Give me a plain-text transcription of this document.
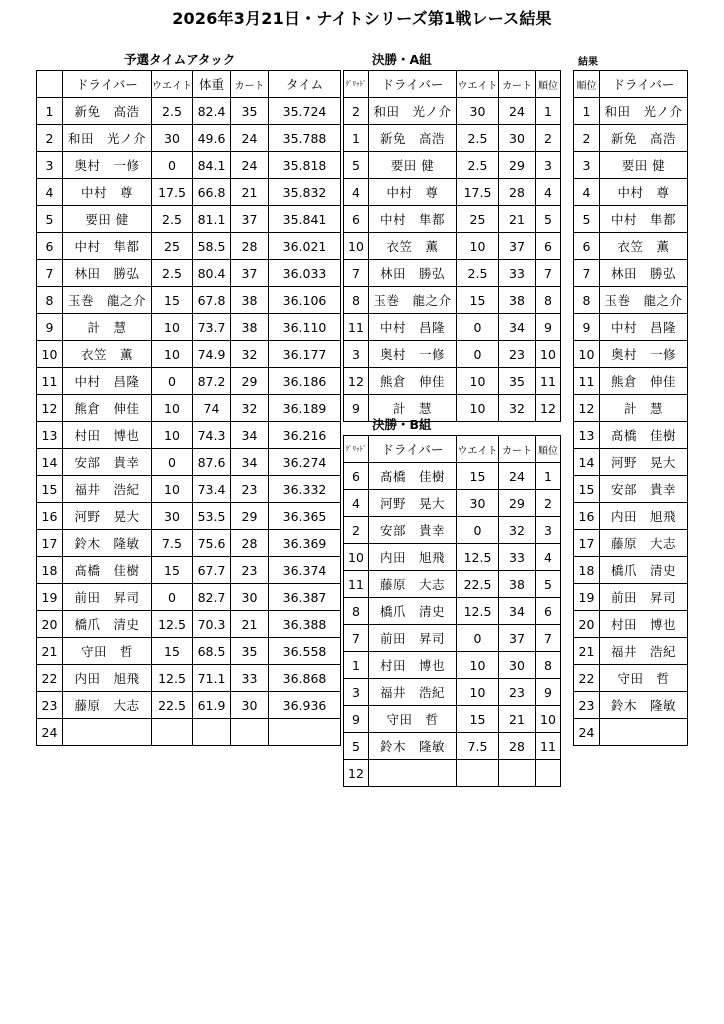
2026年3月21日・ナイトシリーズ第1戦レース結果
予選タイムアタック
	ドライバー	ウエイト	体重	カート	タイム
1	新免　高浩	2.5	82.4	35	35.724
2	和田　光ノ介	30	49.6	24	35.788
3	奥村　一修	0	84.1	24	35.818
4	中村　尊	17.5	66.8	21	35.832
5	要田 健	2.5	81.1	37	35.841
6	中村　隼都	25	58.5	28	36.021
7	林田　勝弘	2.5	80.4	37	36.033
8	玉巻　龍之介	15	67.8	38	36.106
9	計　慧	10	73.7	38	36.110
10	衣笠　薫	10	74.9	32	36.177
11	中村　昌隆	0	87.2	29	36.186
12	熊倉　伸佳	10	74	32	36.189
13	村田　博也	10	74.3	34	36.216
14	安部　貴幸	0	87.6	34	36.274
15	福井　浩紀	10	73.4	23	36.332
16	河野　晃大	30	53.5	29	36.365
17	鈴木　隆敏	7.5	75.6	28	36.369
18	髙橋　佳樹	15	67.7	23	36.374
19	前田　昇司	0	82.7	30	36.387
20	橋爪　清史	12.5	70.3	21	36.388
21	守田　哲	15	68.5	35	36.558
22	内田　旭飛	12.5	71.1	33	36.868
23	藤原　大志	22.5	61.9	30	36.936
24					
決勝・A組
ｸﾞﾘｯﾄﾞ	ドライバー	ウエイト	カート	順位
2	和田　光ノ介	30	24	1
1	新免　高浩	2.5	30	2
5	要田 健	2.5	29	3
4	中村　尊	17.5	28	4
6	中村　隼都	25	21	5
10	衣笠　薫	10	37	6
7	林田　勝弘	2.5	33	7
8	玉巻　龍之介	15	38	8
11	中村　昌隆	0	34	9
3	奥村　一修	0	23	10
12	熊倉　伸佳	10	35	11
9	計　慧	10	32	12
決勝・B組
ｸﾞﾘｯﾄﾞ	ドライバー	ウエイト	カート	順位
6	髙橋　佳樹	15	24	1
4	河野　晃大	30	29	2
2	安部　貴幸	0	32	3
10	内田　旭飛	12.5	33	4
11	藤原　大志	22.5	38	5
8	橋爪　清史	12.5	34	6
7	前田　昇司	0	37	7
1	村田　博也	10	30	8
3	福井　浩紀	10	23	9
9	守田　哲	15	21	10
5	鈴木　隆敏	7.5	28	11
12				
結果
順位	ドライバー
1	和田　光ノ介
2	新免　高浩
3	要田 健
4	中村　尊
5	中村　隼都
6	衣笠　薫
7	林田　勝弘
8	玉巻　龍之介
9	中村　昌隆
10	奥村　一修
11	熊倉　伸佳
12	計　慧
13	髙橋　佳樹
14	河野　晃大
15	安部　貴幸
16	内田　旭飛
17	藤原　大志
18	橋爪　清史
19	前田　昇司
20	村田　博也
21	福井　浩紀
22	守田　哲
23	鈴木　隆敏
24	
